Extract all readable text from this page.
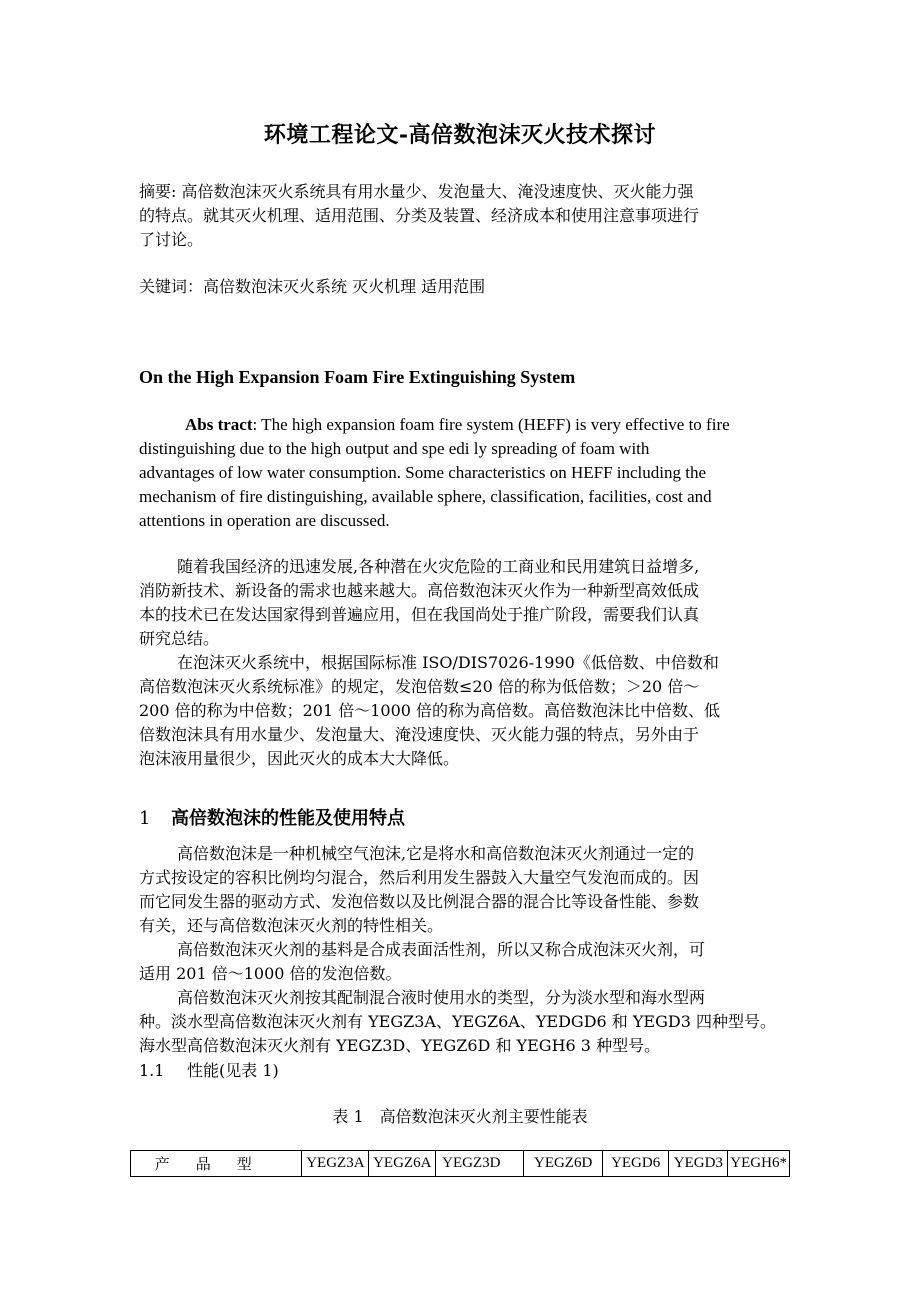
环境工程论文-高倍数泡沫灭火技术探讨
摘要: 高倍数泡沫灭火系统具有用水量少、发泡量大、淹没速度快、灭火能力强
的特点。就其灭火机理、适用范围、分类及装置、经济成本和使用注意事项进行
了讨论。
关键词：高倍数泡沫灭火系统 灭火机理 适用范围
On the High Expansion Foam Fire Extinguishing System
Abs tract: The high expansion foam fire system (HEFF) is very effective to fire
distinguishing due to the high output and spe edi ly spreading of foam with
advantages of low water consumption. Some characteristics on HEFF including the
mechanism of fire distinguishing, available sphere, classification, facilities, cost and
attentions in operation are discussed.
随着我国经济的迅速发展,各种潜在火灾危险的工商业和民用建筑日益增多,
消防新技术、新设备的需求也越来越大。高倍数泡沫灭火作为一种新型高效低成
本的技术已在发达国家得到普遍应用，但在我国尚处于推广阶段，需要我们认真
研究总结。
在泡沫灭火系统中，根据国际标准 ISO/DIS7026-1990《低倍数、中倍数和
高倍数泡沫灭火系统标准》的规定，发泡倍数≤20 倍的称为低倍数；＞20 倍～
200 倍的称为中倍数；201 倍～1000 倍的称为高倍数。高倍数泡沫比中倍数、低
倍数泡沫具有用水量少、发泡量大、淹没速度快、灭火能力强的特点，另外由于
泡沫液用量很少，因此灭火的成本大大降低。
1 高倍数泡沫的性能及使用特点
高倍数泡沫是一种机械空气泡沫,它是将水和高倍数泡沫灭火剂通过一定的
方式按设定的容积比例均匀混合，然后利用发生器鼓入大量空气发泡而成的。因
而它同发生器的驱动方式、发泡倍数以及比例混合器的混合比等设备性能、参数
有关，还与高倍数泡沫灭火剂的特性相关。
高倍数泡沫灭火剂的基料是合成表面活性剂，所以又称合成泡沫灭火剂，可
适用 201 倍～1000 倍的发泡倍数。
高倍数泡沫灭火剂按其配制混合液时使用水的类型，分为淡水型和海水型两
种。淡水型高倍数泡沫灭火剂有 YEGZ3A、YEGZ6A、YEDGD6 和 YEGD3 四种型号。
海水型高倍数泡沫灭火剂有 YEGZ3D、YEGZ6D 和 YEGH6 3 种型号。
1.1 性能(见表 1)
表 1　高倍数泡沫灭火剂主要性能表
产品型	YEGZ3A	YEGZ6A	YEGZ3D	YEGZ6D	YEGD6	YEGD3	YEGH6*
